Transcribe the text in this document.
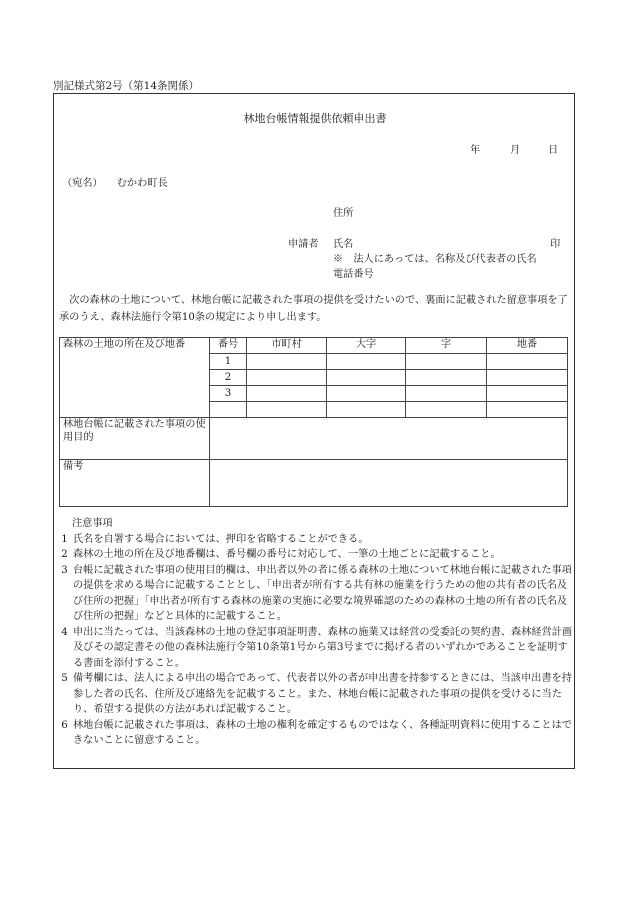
別記様式第2号（第14条関係）
林地台帳情報提供依頼申出書
年	月	日
（宛名） むかわ町長
住所
申請者 氏名	印
※　法人にあっては、名称及び代表者の氏名
電話番号
次の森林の土地について、林地台帳に記載された事項の提供を受けたいので、裏面に記載された留意事項を了承のうえ、森林法施行令第10条の規定により申し出ます。
森林の土地の所在及び地番	番号	市町村	大字	字	地番
	1				
	2				
	3				

林地台帳に記載された事項の使用目的					
備考					
注意事項
1 氏名を自署する場合においては、押印を省略することができる。
2 森林の土地の所在及び地番欄は、番号欄の番号に対応して、一筆の土地ごとに記載すること。
3 台帳に記載された事項の使用目的欄は、申出者以外の者に係る森林の土地について林地台帳に記載された事項の提供を求める場合に記載することとし、「申出者が所有する共有林の施業を行うための他の共有者の氏名及び住所の把握」「申出者が所有する森林の施業の実施に必要な境界確認のための森林の土地の所有者の氏名及び住所の把握」などと具体的に記載すること。
4 申出に当たっては、当該森林の土地の登記事項証明書、森林の施業又は経営の受委託の契約書、森林経営計画及びその認定書その他の森林法施行令第10条第1号から第3号までに掲げる者のいずれかであることを証明する書面を添付すること。
5 備考欄には、法人による申出の場合であって、代表者以外の者が申出書を持参するときには、当該申出書を持参した者の氏名、住所及び連絡先を記載すること。また、林地台帳に記載された事項の提供を受けるに当たり、希望する提供の方法があれば記載すること。
6 林地台帳に記載された事項は、森林の土地の権利を確定するものではなく、各種証明資料に使用することはできないことに留意すること。
